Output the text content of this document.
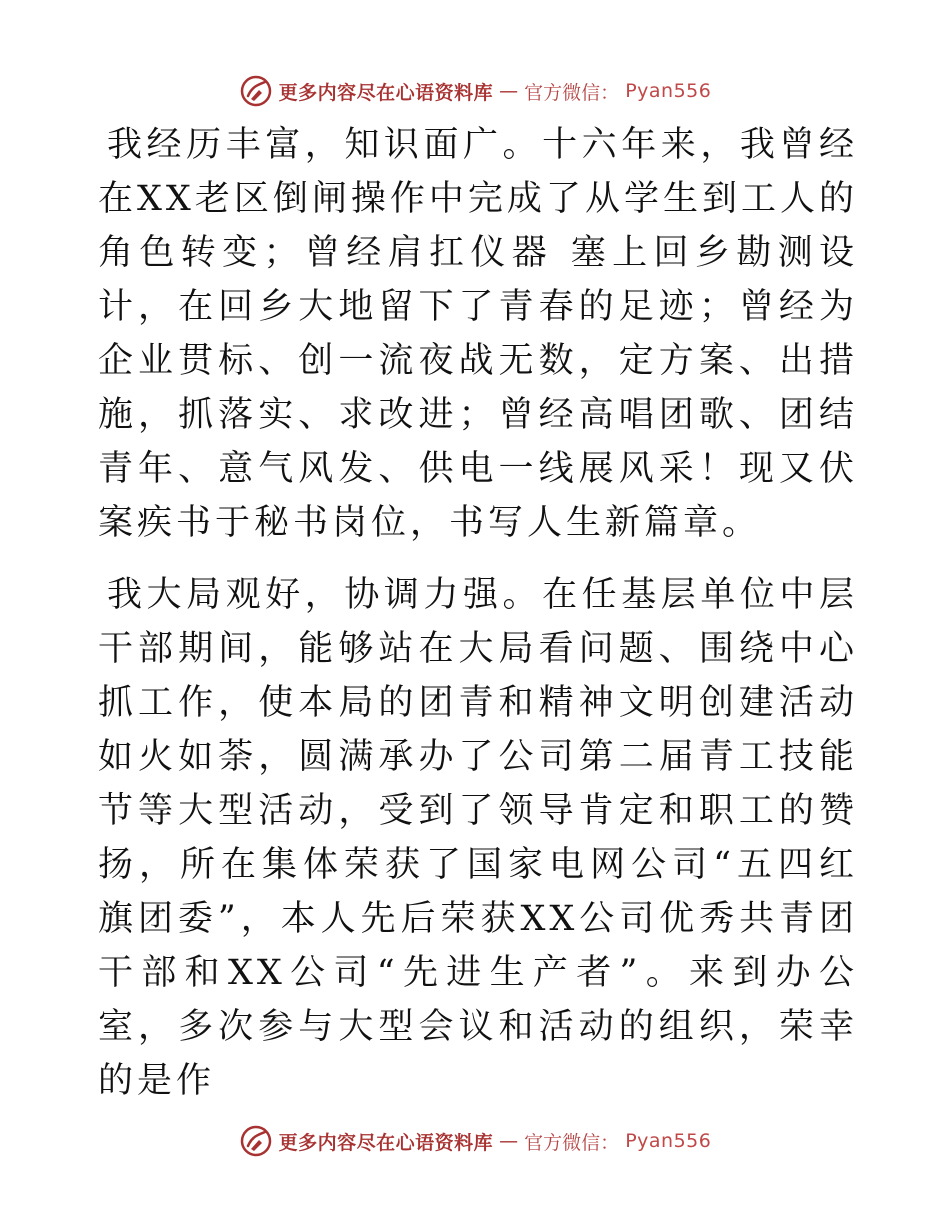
更多内容尽在心语资料库 — 官方微信： Pyan556

我经历丰富，知识面广。十六年来，我曾经在XX老区倒闸操作中完成了从学生到工人的角色转变；曾经肩扛仪器 塞上回乡勘测设计，在回乡大地留下了青春的足迹；曾经为企业贯标、创一流夜战无数，定方案、出措施，抓落实、求改进；曾经高唱团歌、团结青年、意气风发、供电一线展风采！现又伏案疾书于秘书岗位，书写人生新篇章。

我大局观好，协调力强。在任基层单位中层干部期间，能够站在大局看问题、围绕中心抓工作，使本局的团青和精神文明创建活动如火如荼，圆满承办了公司第二届青工技能节等大型活动，受到了领导肯定和职工的赞扬，所在集体荣获了国家电网公司“五四红旗团委”，本人先后荣获XX公司优秀共青团干部和XX公司“先进生产者”。来到办公室，多次参与大型会议和活动的组织，荣幸的是作

更多内容尽在心语资料库 — 官方微信： Pyan556
